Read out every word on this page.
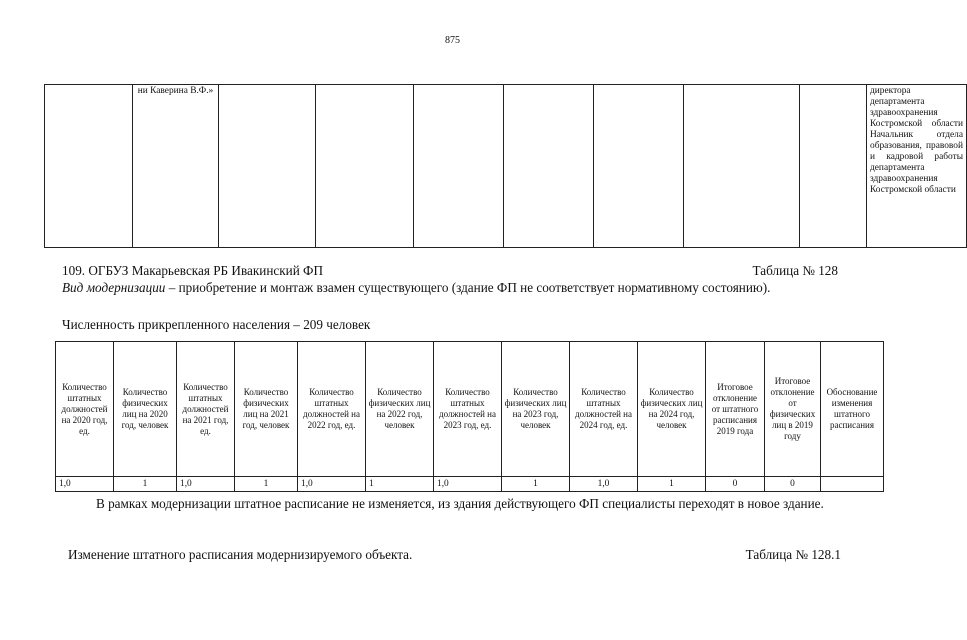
875
	ни Каверина В.Ф.»								директора департамента здравоохранения Костромской области Начальник отдела образования, правовой и кадровой работы департамента здравоохранения Костромской области
109. ОГБУЗ Макарьевская РБ Ивакинский ФП	Таблица № 128
Вид модернизации – приобретение и монтаж взамен существующего (здание ФП не соответствует нормативному состоянию).
Численность прикрепленного населения – 209 человек
Количество штатных должностей на 2020 год, ед.	Количество физических лиц на 2020 год, человек	Количество штатных должностей на 2021 год, ед.	Количество физических лиц на 2021 год, человек	Количество штатных должностей на 2022 год, ед.	Количество физических лиц на 2022 год, человек	Количество штатных должностей на 2023 год, ед.	Количество физических лиц на 2023 год, человек	Количество штатных должностей на 2024 год, ед.	Количество физических лиц на 2024 год, человек	Итоговое отклонение от штатного расписания 2019 года	Итоговое отклонение от физических лиц в 2019 году	Обоснование изменения штатного расписания
1,0	1	1,0	1	1,0	1	1,0	1	1,0	1	0	0	
В рамках модернизации штатное расписание не изменяется, из здания действующего ФП специалисты переходят в новое здание.
Изменение штатного расписания модернизируемого объекта.	Таблица № 128.1
